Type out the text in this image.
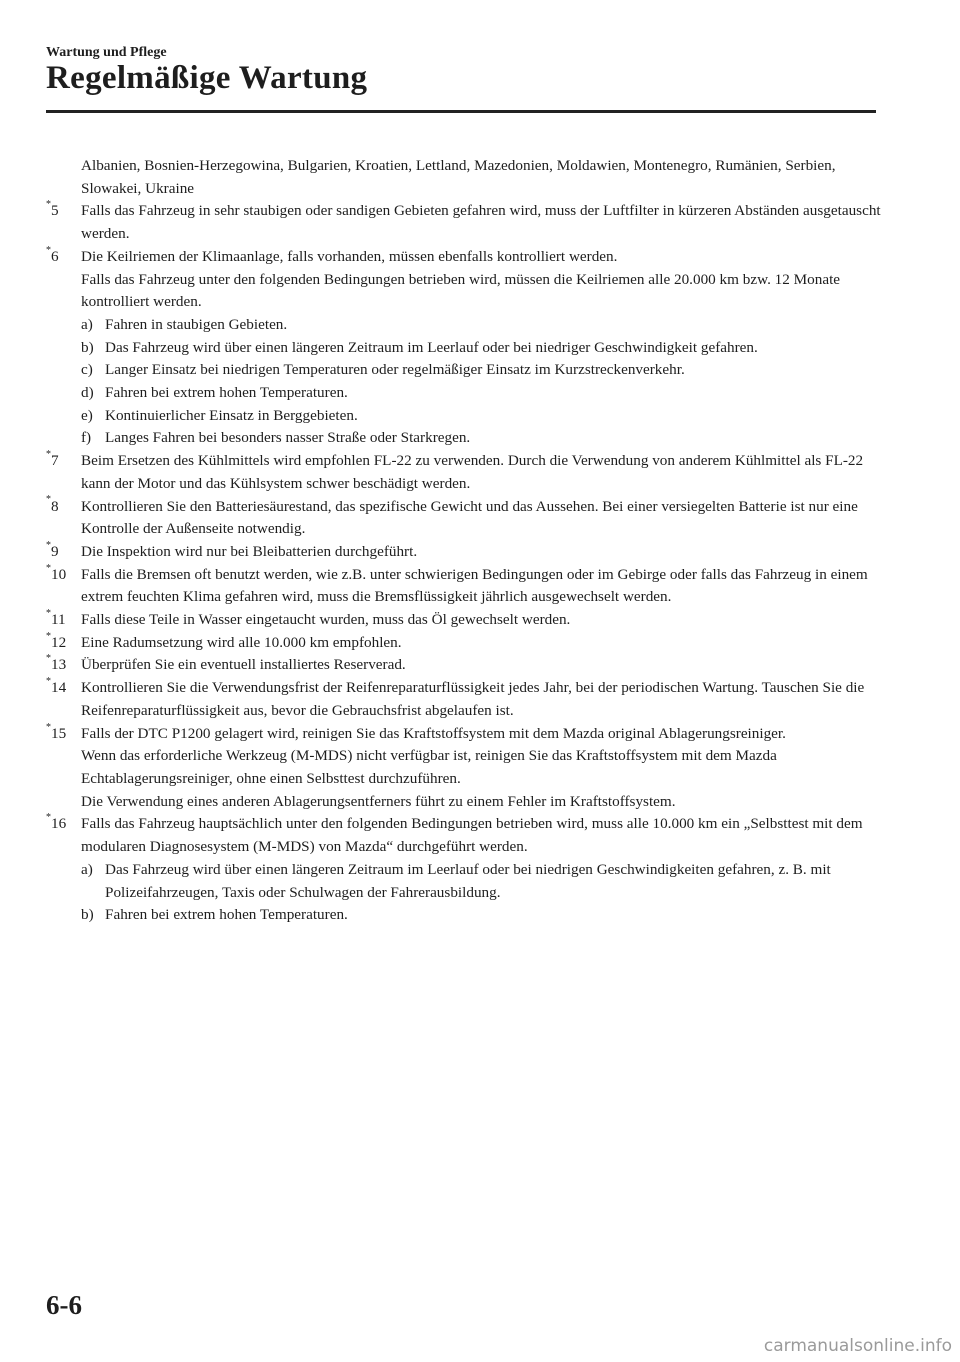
Wartung und Pflege
Regelmäßige Wartung
Albanien, Bosnien-Herzegowina, Bulgarien, Kroatien, Lettland, Mazedonien, Moldawien, Montenegro, Rumänien, Serbien, Slowakei, Ukraine
*5	Falls das Fahrzeug in sehr staubigen oder sandigen Gebieten gefahren wird, muss der Luftfilter in kürzeren Abständen ausgetauscht werden.
*6	Die Keilriemen der Klimaanlage, falls vorhanden, müssen ebenfalls kontrolliert werden.
Falls das Fahrzeug unter den folgenden Bedingungen betrieben wird, müssen die Keilriemen alle 20.000 km bzw. 12 Monate kontrolliert werden.
a) Fahren in staubigen Gebieten.
b) Das Fahrzeug wird über einen längeren Zeitraum im Leerlauf oder bei niedriger Geschwindigkeit gefahren.
c) Langer Einsatz bei niedrigen Temperaturen oder regelmäßiger Einsatz im Kurzstreckenverkehr.
d) Fahren bei extrem hohen Temperaturen.
e) Kontinuierlicher Einsatz in Berggebieten.
f) Langes Fahren bei besonders nasser Straße oder Starkregen.
*7	Beim Ersetzen des Kühlmittels wird empfohlen FL-22 zu verwenden. Durch die Verwendung von anderem Kühlmittel als FL-22 kann der Motor und das Kühlsystem schwer beschädigt werden.
*8	Kontrollieren Sie den Batteriesäurestand, das spezifische Gewicht und das Aussehen. Bei einer versiegelten Batterie ist nur eine Kontrolle der Außenseite notwendig.
*9	Die Inspektion wird nur bei Bleibatterien durchgeführt.
*10 Falls die Bremsen oft benutzt werden, wie z.B. unter schwierigen Bedingungen oder im Gebirge oder falls das Fahrzeug in einem extrem feuchten Klima gefahren wird, muss die Bremsflüssigkeit jährlich ausgewechselt werden.
*11	Falls diese Teile in Wasser eingetaucht wurden, muss das Öl gewechselt werden.
*12 Eine Radumsetzung wird alle 10.000 km empfohlen.
*13 Überprüfen Sie ein eventuell installiertes Reserverad.
*14 Kontrollieren Sie die Verwendungsfrist der Reifenreparaturflüssigkeit jedes Jahr, bei der periodischen Wartung. Tauschen Sie die Reifenreparaturflüssigkeit aus, bevor die Gebrauchsfrist abgelaufen ist.
*15 Falls der DTC P1200 gelagert wird, reinigen Sie das Kraftstoffsystem mit dem Mazda original Ablagerungsreiniger.
Wenn das erforderliche Werkzeug (M-MDS) nicht verfügbar ist, reinigen Sie das Kraftstoffsystem mit dem Mazda Echtablagerungsreiniger, ohne einen Selbsttest durchzuführen.
Die Verwendung eines anderen Ablagerungsentferners führt zu einem Fehler im Kraftstoffsystem.
*16 Falls das Fahrzeug hauptsächlich unter den folgenden Bedingungen betrieben wird, muss alle 10.000 km ein „Selbsttest mit dem modularen Diagnosesystem (M-MDS) von Mazda“ durchgeführt werden.
a) Das Fahrzeug wird über einen längeren Zeitraum im Leerlauf oder bei niedrigen Geschwindigkeiten gefahren, z. B. mit Polizeifahrzeugen, Taxis oder Schulwagen der Fahrerausbildung.
b) Fahren bei extrem hohen Temperaturen.
6-6
carmanualsonline.info
